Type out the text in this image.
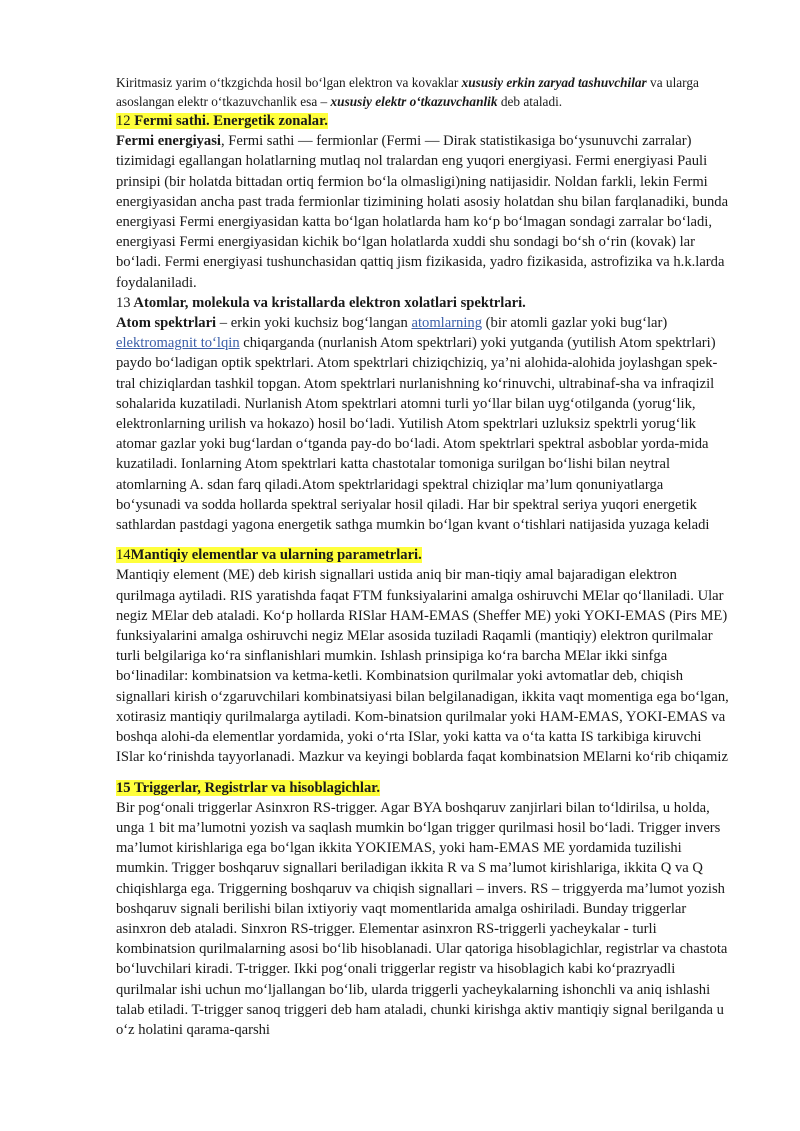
Kiritmasiz yarim o‘tkzgichda hosil bo‘lgan elektron va kovaklar xususiy erkin zaryad tashuvchilar va ularga asoslangan elektr o‘tkazuvchanlik esa – xususiy elektr o‘tkazuvchanlik deb ataladi.

12 Fermi sathi. Energetik zonalar.

Fermi energiyasi, Fermi sathi — fermionlar (Fermi — Dirak statistikasiga bo‘ysunuvchi zarralar) tizimidagi egallangan holatlarning mutlaq nol tralardan eng yuqori energiyasi. Fermi energiyasi Pauli prinsipi (bir holatda bittadan ortiq fermion bo‘la olmasligi)ning natijasidir. Noldan farkli, lekin Fermi energiyasidan ancha past trada fermionlar tizimining holati asosiy holatdan shu bilan farqlanadiki, bunda energiyasi Fermi energiyasidan katta bo‘lgan holatlarda ham ko‘p bo‘lmagan sondagi zarralar bo‘ladi, energiyasi Fermi energiyasidan kichik bo‘lgan holatlarda xuddi shu sondagi bo‘sh o‘rin (kovak) lar bo‘ladi. Fermi energiyasi tushunchasidan qattiq jism fizikasida, yadro fizikasida, astrofizika va h.k.larda foydalaniladi.

13 Atomlar, molekula va kristallarda elektron xolatlari spektrlari.

Atom spektrlari – erkin yoki kuchsiz bog‘langan atomlarning (bir atomli gazlar yoki bug‘lar) elektromagnit to‘lqin chiqarganda (nurlanish Atom spektrlari) yoki yutganda (yutilish Atom spektrlari) paydo bo‘ladigan optik spektrlari. Atom spektrlari chiziqchiziq, ya’ni alohida-alohida joylashgan spek-tral chiziqlardan tashkil topgan. Atom spektrlari nurlanishning ko‘rinuvchi, ultrabinaf-sha va infraqizil sohalarida kuzatiladi. Nurlanish Atom spektrlari atomni turli yo‘llar bilan uyg‘otilganda (yorug‘lik, elektronlarning urilish va hokazo) hosil bo‘ladi. Yutilish Atom spektrlari uzluksiz spektrli yorug‘lik atomar gazlar yoki bug‘lardan o‘tganda pay-do bo‘ladi. Atom spektrlari spektral asboblar yorda-mida kuzatiladi. Ionlarning Atom spektrlari katta chastotalar tomoniga surilgan bo‘lishi bilan neytral atomlarning A. sdan farq qiladi.Atom spektrlaridagi spektral chiziqlar ma’lum qonuniyatlarga bo‘ysunadi va sodda hollarda spektral seriyalar hosil qiladi. Har bir spektral seriya yuqori energetik sathlardan pastdagi yagona energetik sathga mumkin bo‘lgan kvant o‘tishlari natijasida yuzaga keladi

14Mantiqiy elementlar va ularning parametrlari.

Mantiqiy element (ME) deb kirish signallari ustida aniq bir man-tiqiy amal bajaradigan elektron qurilmaga aytiladi. RIS yaratishda faqat FTM funksiyalarini amalga oshiruvchi MElar qo‘llaniladi. Ular negiz MElar deb ataladi. Ko‘p hollarda RISlar HAM-EMAS (Sheffer ME) yoki YOKI-EMAS (Pirs ME) funksiyalarini amalga oshiruvchi negiz MElar asosida tuziladi Raqamli (mantiqiy) elektron qurilmalar turli belgilariga ko‘ra sinflanishlari mumkin. Ishlash prinsipiga ko‘ra barcha MElar ikki sinfga bo‘linadilar: kombinatsion va ketma-ketli. Kombinatsion qurilmalar yoki avtomatlar deb, chiqish signallari kirish o‘zgaruvchilari kombinatsiyasi bilan belgilanadigan, ikkita vaqt momentiga ega bo‘lgan, xotirasiz mantiqiy qurilmalarga aytiladi. Kom-binatsion qurilmalar yoki HAM-EMAS, YOKI-EMAS va boshqa alohi-da elementlar yordamida, yoki o‘rta ISlar, yoki katta va o‘ta katta IS tarkibiga kiruvchi ISlar ko‘rinishda tayyorlanadi. Mazkur va keyingi boblarda faqat kombinatsion MElarni ko‘rib chiqamiz

15 Triggerlar, Registrlar va hisoblagichlar.

Bir pog‘onali triggerlar Asinxron RS-trigger. Agar BYA boshqaruv zanjirlari bilan to‘ldirilsa, u holda, unga 1 bit ma’lumotni yozish va saqlash mumkin bo‘lgan trigger qurilmasi hosil bo‘ladi. Trigger invers ma’lumot kirishlariga ega bo‘lgan ikkita YOKIEMAS, yoki ham-EMAS ME yordamida tuzilishi mumkin. Trigger boshqaruv signallari beriladigan ikkita R va S ma’lumot kirishlariga, ikkita Q va Q chiqishlarga ega. Triggerning boshqaruv va chiqish signallari – invers. RS – triggyerda ma’lumot yozish boshqaruv signali berilishi bilan ixtiyoriy vaqt momentlarida amalga oshiriladi. Bunday triggerlar asinxron deb ataladi. Sinxron RS-trigger. Elementar asinxron RS-triggerli yacheykalar - turli kombinatsion qurilmalarning asosi bo‘lib hisoblanadi. Ular qatoriga hisoblagichlar, registrlar va chastota bo‘luvchilari kiradi. T-trigger. Ikki pog‘onali triggerlar registr va hisoblagich kabi ko‘prazryadli qurilmalar ishi uchun mo‘ljallangan bo‘lib, ularda triggerli yacheykalarning ishonchli va aniq ishlashi talab etiladi. T-trigger sanoq triggeri deb ham ataladi, chunki kirishga aktiv mantiqiy signal berilganda u o‘z holatini qarama-qarshi
